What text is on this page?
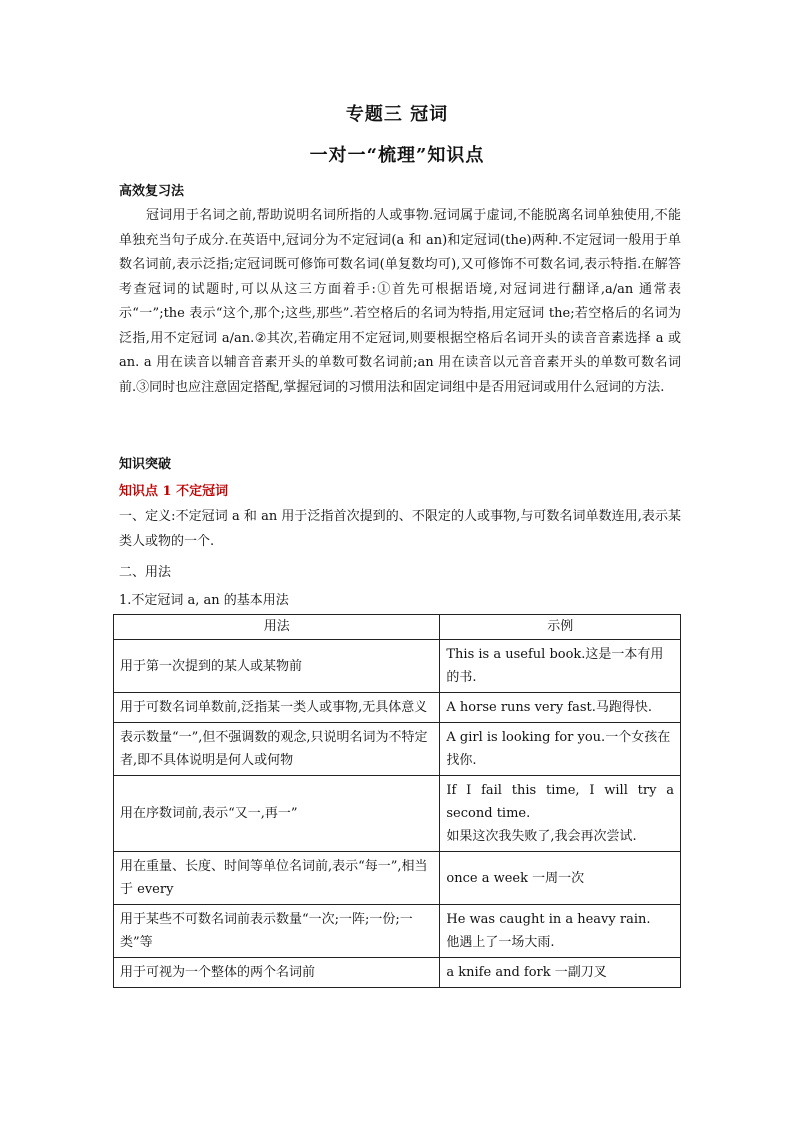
专题三 冠词
一对一“梳理”知识点
高效复习法

冠词用于名词之前,帮助说明名词所指的人或事物.冠词属于虚词,不能脱离名词单独使用,不能单独充当句子成分.在英语中,冠词分为不定冠词(a 和 an)和定冠词(the)两种.不定冠词一般用于单数名词前,表示泛指;定冠词既可修饰可数名词(单复数均可),又可修饰不可数名词,表示特指.在解答考查冠词的试题时,可以从这三方面着手:①首先可根据语境,对冠词进行翻译,a/an 通常表示“一”;the 表示“这个,那个;这些,那些”.若空格后的名词为特指,用定冠词 the;若空格后的名词为泛指,用不定冠词 a/an.②其次,若确定用不定冠词,则要根据空格后名词开头的读音音素选择 a 或 an. a 用在读音以辅音音素开头的单数可数名词前;an 用在读音以元音音素开头的单数可数名词前.③同时也应注意固定搭配,掌握冠词的习惯用法和固定词组中是否用冠词或用什么冠词的方法.

知识突破
知识点 1 不定冠词

一、定义:不定冠词 a 和 an 用于泛指首次提到的、不限定的人或事物,与可数名词单数连用,表示某类人或物的一个.

二、用法
1.不定冠词 a, an 的基本用法
用法	示例
用于第一次提到的某人或某物前	This is a useful book.这是一本有用的书.

用于可数名词单数前,泛指某一类人或事物,无具体意义	A horse runs very fast.马跑得快.

表示数量“一”,但不强调数的观念,只说明名词为不特定者,即不具体说明是何人或何物	A girl is looking for you.一个女孩在找你.

用在序数词前,表示“又一,再一”	If I fail this time, I will try a second time.
如果这次我失败了,我会再次尝试.

用在重量、长度、时间等单位名词前,表示“每一”,相当于 every	once a week 一周一次

用于某些不可数名词前表示数量“一次;一阵;一份;一类”等	He was caught in a heavy rain.
他遇上了一场大雨.

用于可视为一个整体的两个名词前	a knife and fork 一副刀叉
